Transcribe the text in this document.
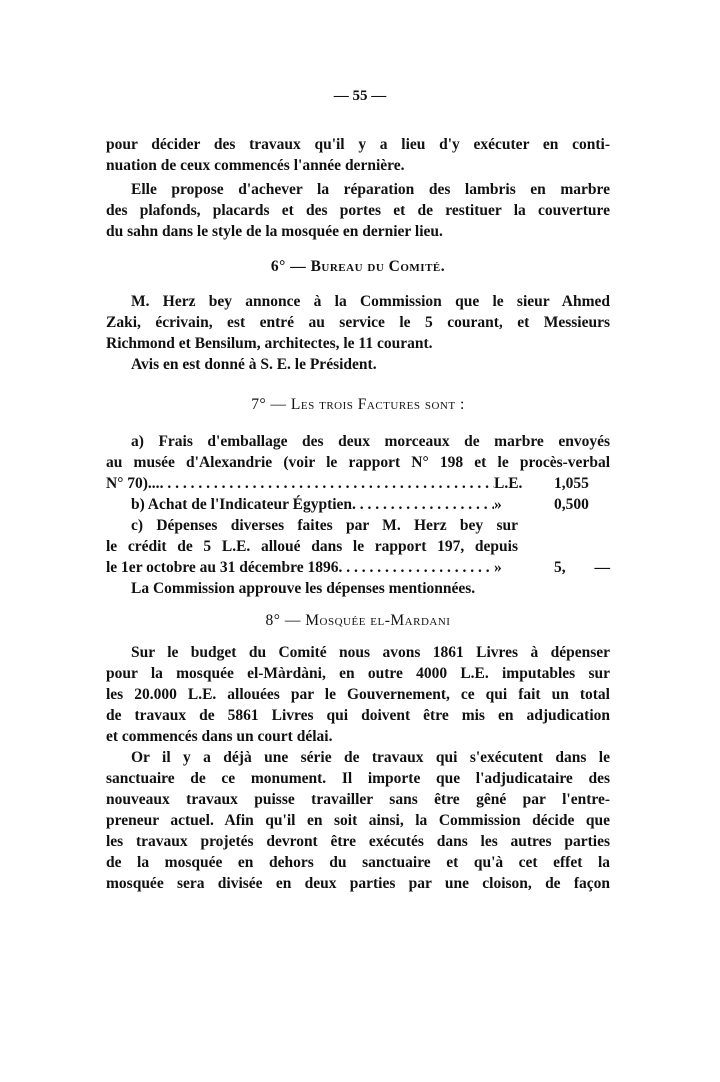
— 55 —
pour décider des travaux qu'il y a lieu d'y exécuter en conti-
nuation de ceux commencés l'année dernière.
Elle propose d'achever la réparation des lambris en marbre
des plafonds, placards et des portes et de restituer la couverture
du sahn dans le style de la mosquée en dernier lieu.
6° — Bureau du Comité.
M. Herz bey annonce à la Commission que le sieur Ahmed
Zaki, écrivain, est entré au service le 5 courant, et Messieurs
Richmond et Bensilum, architectes, le 11 courant.
Avis en est donné à S. E. le Président.
7° — Les trois Factures sont :
a) Frais d'emballage des deux morceaux de marbre envoyés
au musée d'Alexandrie (voir le rapport N° 198 et le procès-verbal
N° 70)... . . .	L.E.	1,055
b) Achat de l'Indicateur Égyptien . . .	»	0,500
c) Dépenses diverses faites par M. Herz bey sur
le crédit de 5 L.E. alloué dans le rapport 197, depuis
le 1er octobre au 31 décembre 1896 . . .	»	5, —
La Commission approuve les dépenses mentionnées.
8° — Mosquée el-Mardani
Sur le budget du Comité nous avons 1861 Livres à dépenser
pour la mosquée el-Màrdàni, en outre 4000 L.E. imputables sur
les 20.000 L.E. allouées par le Gouvernement, ce qui fait un total
de travaux de 5861 Livres qui doivent être mis en adjudication
et commencés dans un court délai.
Or il y a déjà une série de travaux qui s'exécutent dans le
sanctuaire de ce monument. Il importe que l'adjudicataire des
nouveaux travaux puisse travailler sans être gêné par l'entre-
preneur actuel. Afin qu'il en soit ainsi, la Commission décide que
les travaux projetés devront être exécutés dans les autres parties
de la mosquée en dehors du sanctuaire et qu'à cet effet la
mosquée sera divisée en deux parties par une cloison, de façon
